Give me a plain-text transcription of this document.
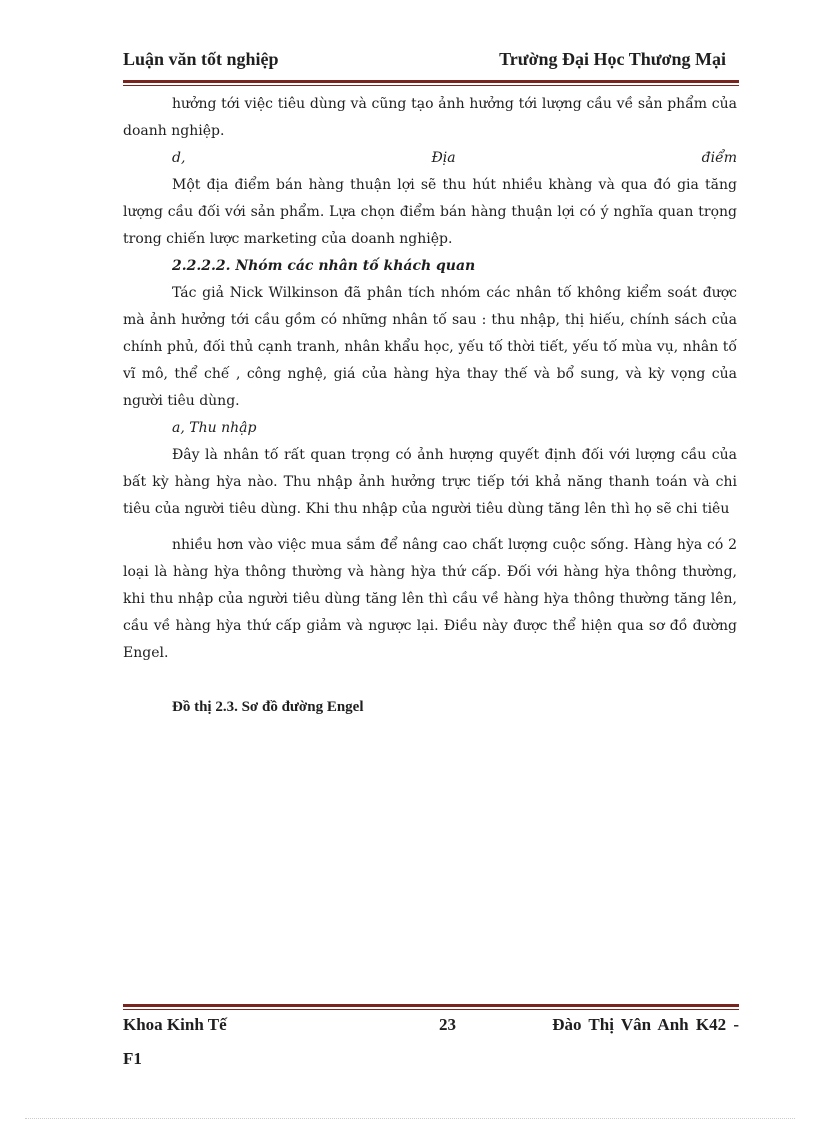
Luận văn tốt nghiệp	Trường Đại Học Thương Mại

hưởng tới việc tiêu dùng và cũng tạo ảnh hưởng tới lượng cầu về sản phẩm của doanh nghiệp.

d,	Địa	điểm

Một địa điểm bán hàng thuận lợi sẽ thu hút nhiều khàng và qua đó gia tăng lượng cầu đối với sản phẩm. Lựa chọn điểm bán hàng thuận lợi có ý nghĩa quan trọng trong chiến lược marketing của doanh nghiệp.

2.2.2.2. Nhóm các nhân tố khách quan

Tác giả Nick Wilkinson đã phân tích nhóm các nhân tố không kiểm soát được mà ảnh hưởng tới cầu gồm có những nhân tố sau : thu nhập, thị hiếu, chính sách của chính phủ, đối thủ cạnh tranh, nhân khẩu học, yếu tố thời tiết, yếu tố mùa vụ, nhân tố vĩ mô, thể chế , công nghệ, giá của hàng hỳa thay thế và bổ sung, và kỳ vọng của người tiêu dùng.

a, Thu nhập

Đây là nhân tố rất quan trọng có ảnh hượng quyết định đối với lượng cầu của bất kỳ hàng hỳa nào. Thu nhập ảnh hưởng trực tiếp tới khả năng thanh toán và chi tiêu của người tiêu dùng. Khi thu nhập của người tiêu dùng tăng lên thì họ sẽ chi tiêu

nhiều hơn vào việc mua sắm để nâng cao chất lượng cuộc sống. Hàng hỳa có 2 loại là hàng hỳa thông thường và hàng hỳa thứ cấp. Đối với hàng hỳa thông thường, khi thu nhập của người tiêu dùng tăng lên thì cầu về hàng hỳa thông thường tăng lên, cầu về hàng hỳa thứ cấp giảm và ngược lại. Điều này được thể hiện qua sơ đồ đường Engel.

Đồ thị 2.3. Sơ đồ đường Engel

Khoa Kinh Tế	23	Đào Thị Vân Anh K42 -
F1
